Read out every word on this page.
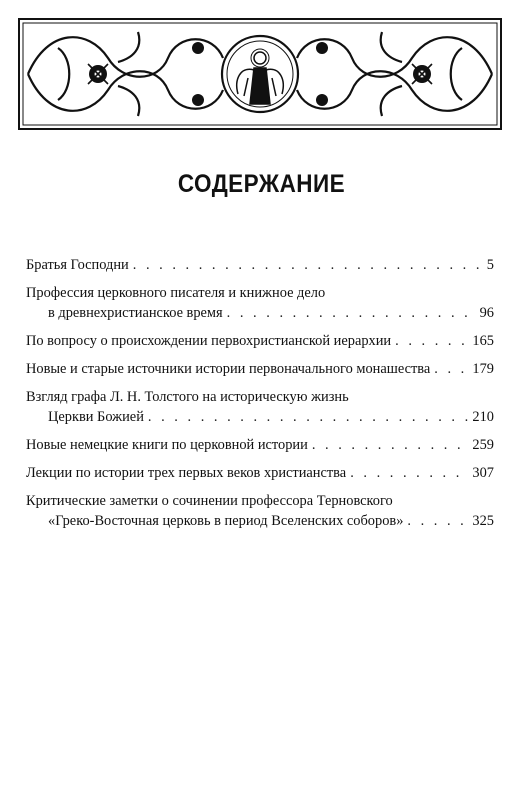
СОДЕРЖАНИЕ
Братья Господни . . .	5
Профессия церковного писателя и книжное дело
в древнехристианское время . . .	96
По вопросу о происхождении первохристианской иерархии . . .	165
Новые и старые источники истории первоначального монашества . . .	179
Взгляд графа Л. Н. Толстого на историческую жизнь
Церкви Божией . . .	210
Новые немецкие книги по церковной истории . . .	259
Лекции по истории трех первых веков христианства . . .	307
Критические заметки о сочинении профессора Терновского
«Греко-Восточная церковь в период Вселенских соборов» . . .	325
